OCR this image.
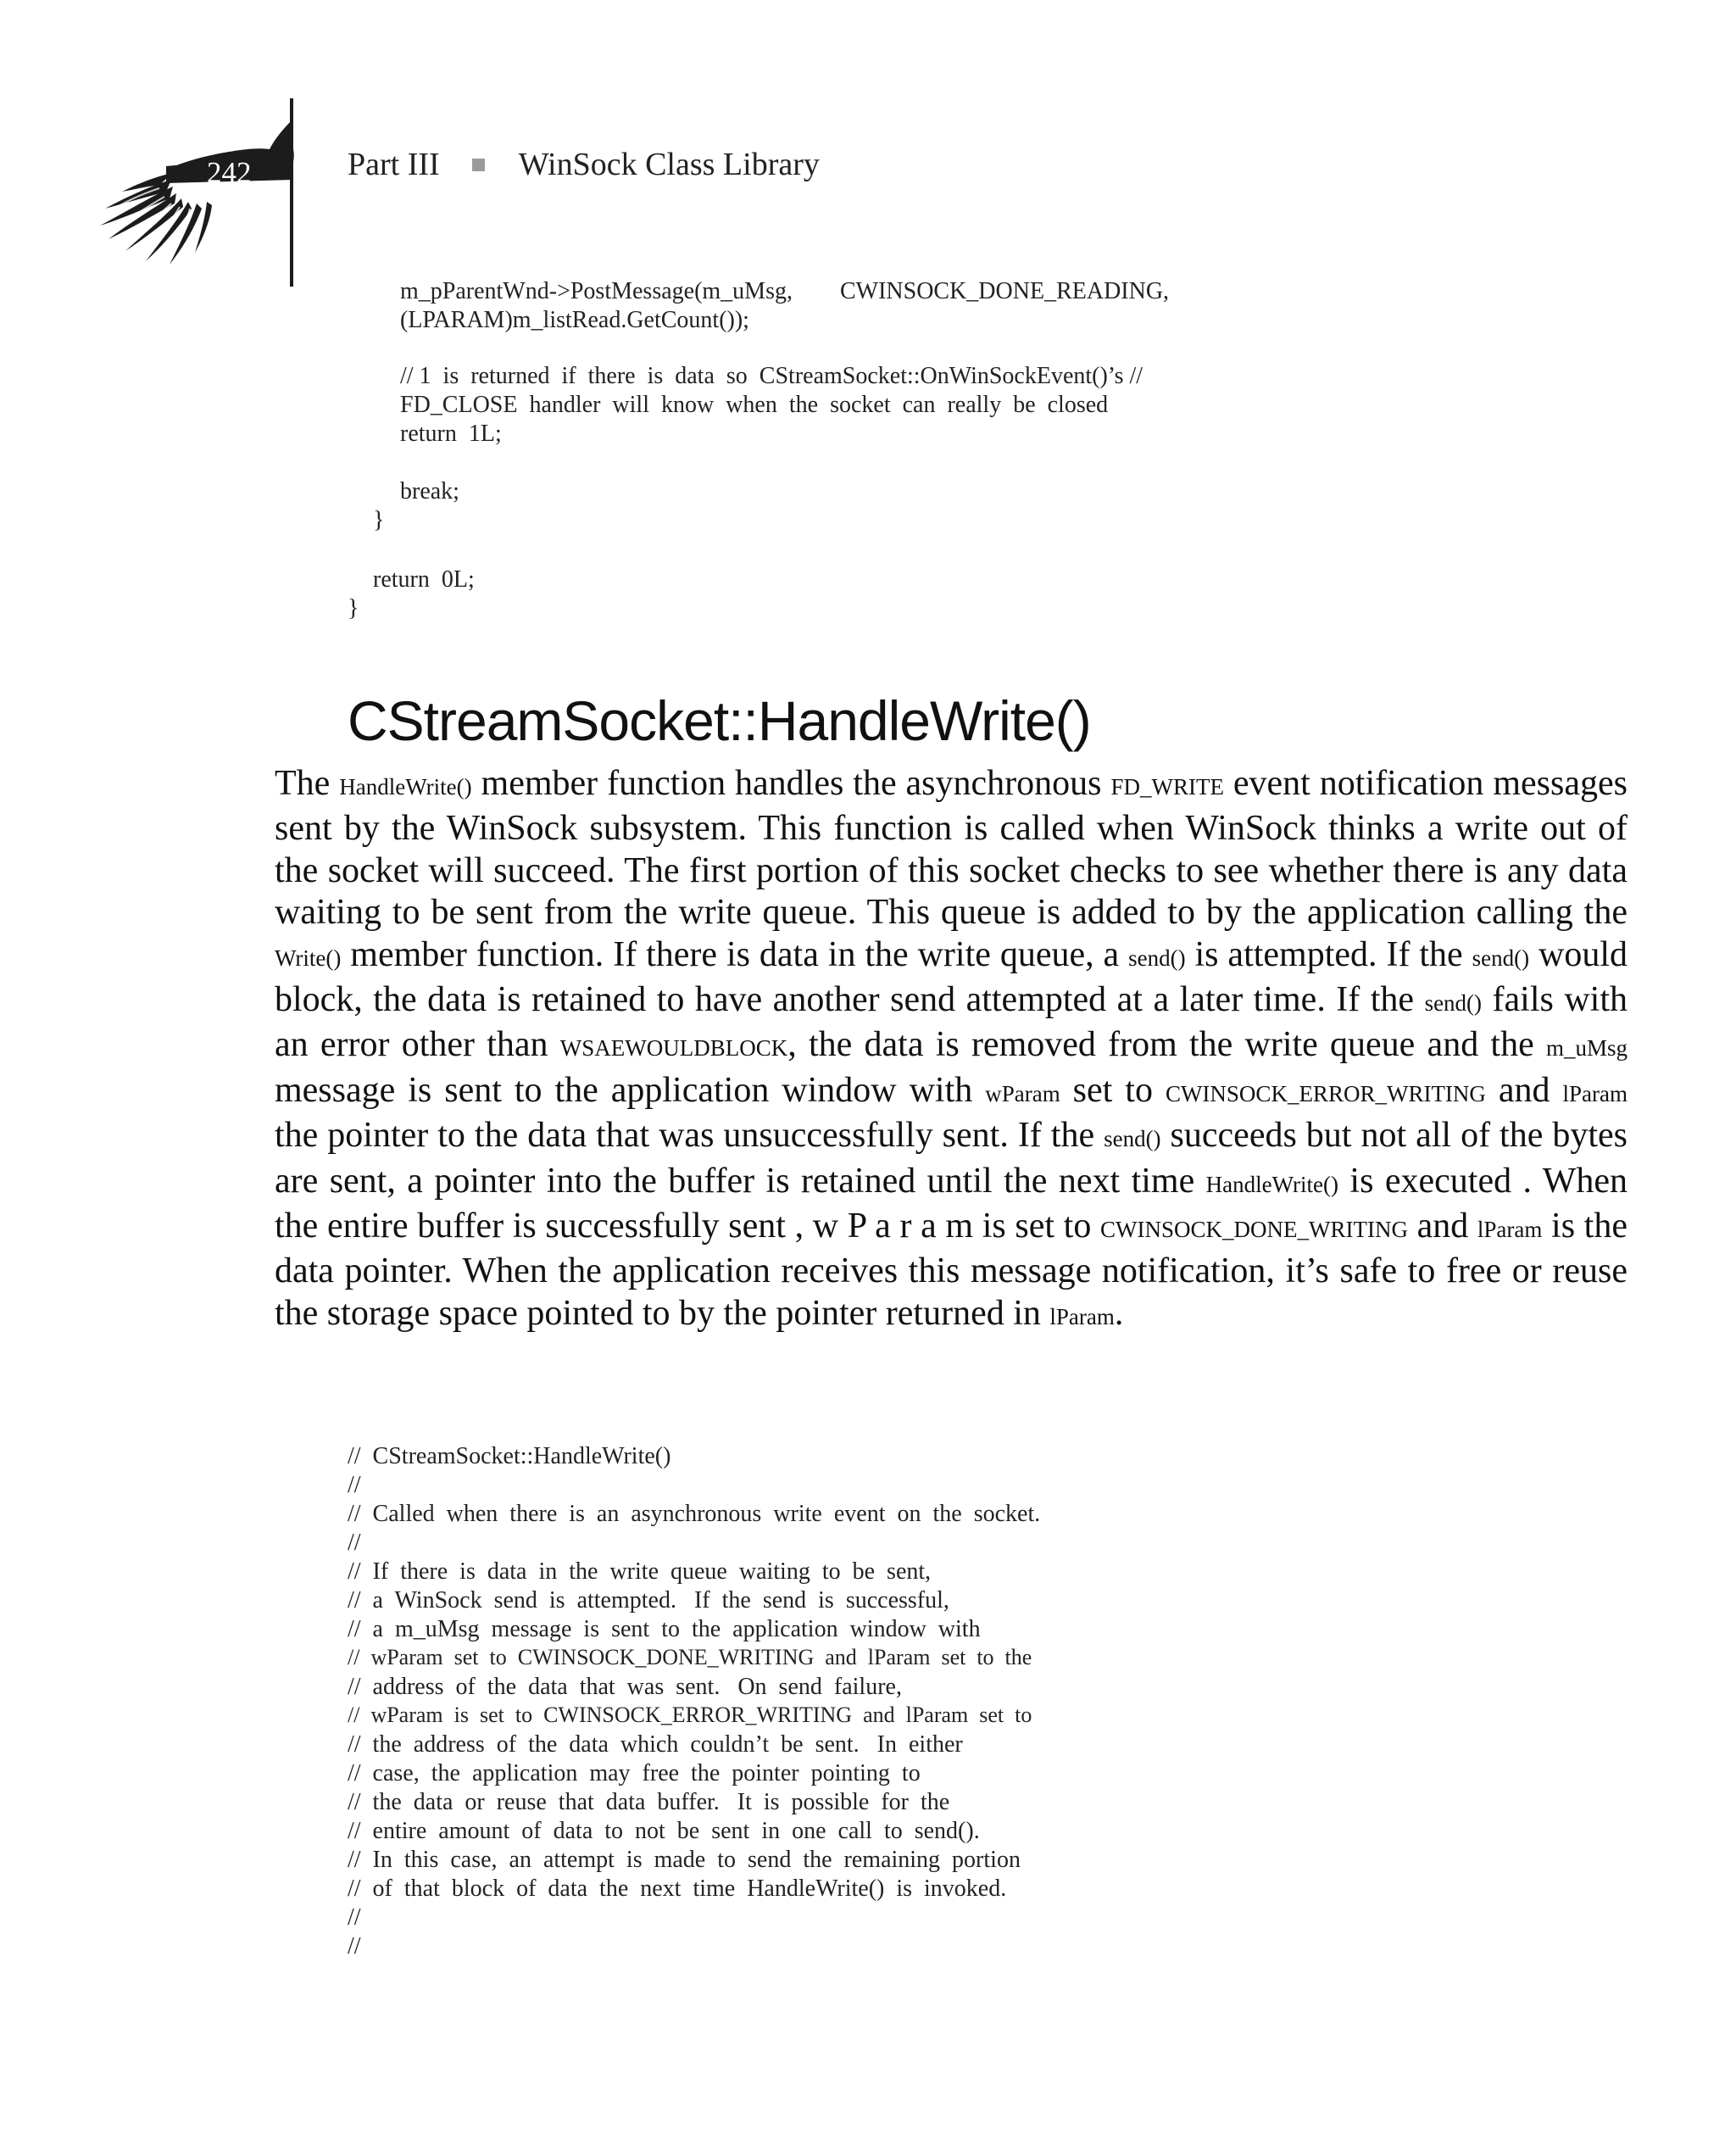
242	Part III WinSock Class Library
m_pParentWnd->PostMessage(m_uMsg,        CWINSOCK_DONE_READING,
(LPARAM)m_listRead.GetCount());
// 1  is  returned  if  there  is  data  so  CStreamSocket::OnWinSockEvent()’s //
FD_CLOSE  handler  will  know  when  the  socket  can  really  be  closed
return  1L;
break;
}
return  0L;
}
CStreamSocket::HandleWrite()
The HandleWrite() member function handles the asynchronous FD_WRITE event notification messages sent by the WinSock subsystem. This function is called when WinSock thinks a write out of the socket will succeed. The first portion of this socket checks to see whether there is any data waiting to be sent from the write queue. This queue is added to by the application calling the Write() member function. If there is data in the write queue, a send() is attempted. If the send() would block, the data is retained to have another send attempted at a later time. If the send() fails with an error other than WSAEWOULDBLOCK, the data is removed from the write queue and the m_uMsg message is sent to the application window with wParam set to CWINSOCK_ERROR_WRITING and lParam the pointer to the data that was unsuccessfully sent. If the send() succeeds but not all of the bytes are sent, a pointer into the buffer is retained until the next time HandleWrite() is executed . When the entire buffer is successfully sent , w P a r a m is set to CWINSOCK_DONE_WRITING and lParam is the data pointer. When the application receives this message notification, it’s safe to free or reuse the storage space pointed to by the pointer returned in lParam.
//  CStreamSocket::HandleWrite()
//
//  Called  when  there  is  an  asynchronous  write  event  on  the  socket.
//
//  If  there  is  data  in  the  write  queue  waiting  to  be  sent,
//  a  WinSock  send  is  attempted.   If  the  send  is  successful,
//  a  m_uMsg  message  is  sent  to  the  application  window  with
//  wParam  set  to  CWINSOCK_DONE_WRITING  and  lParam  set  to  the
//  address  of  the  data  that  was  sent.   On  send  failure,
//  wParam  is  set  to  CWINSOCK_ERROR_WRITING  and  lParam  set  to
//  the  address  of  the  data  which  couldn’t  be  sent.   In  either
//  case,  the  application  may  free  the  pointer  pointing  to
//  the  data  or  reuse  that  data  buffer.   It  is  possible  for  the
//  entire  amount  of  data  to  not  be  sent  in  one  call  to  send().
//  In  this  case,  an  attempt  is  made  to  send  the  remaining  portion
//  of  that  block  of  data  the  next  time  HandleWrite()  is  invoked.
//
//
